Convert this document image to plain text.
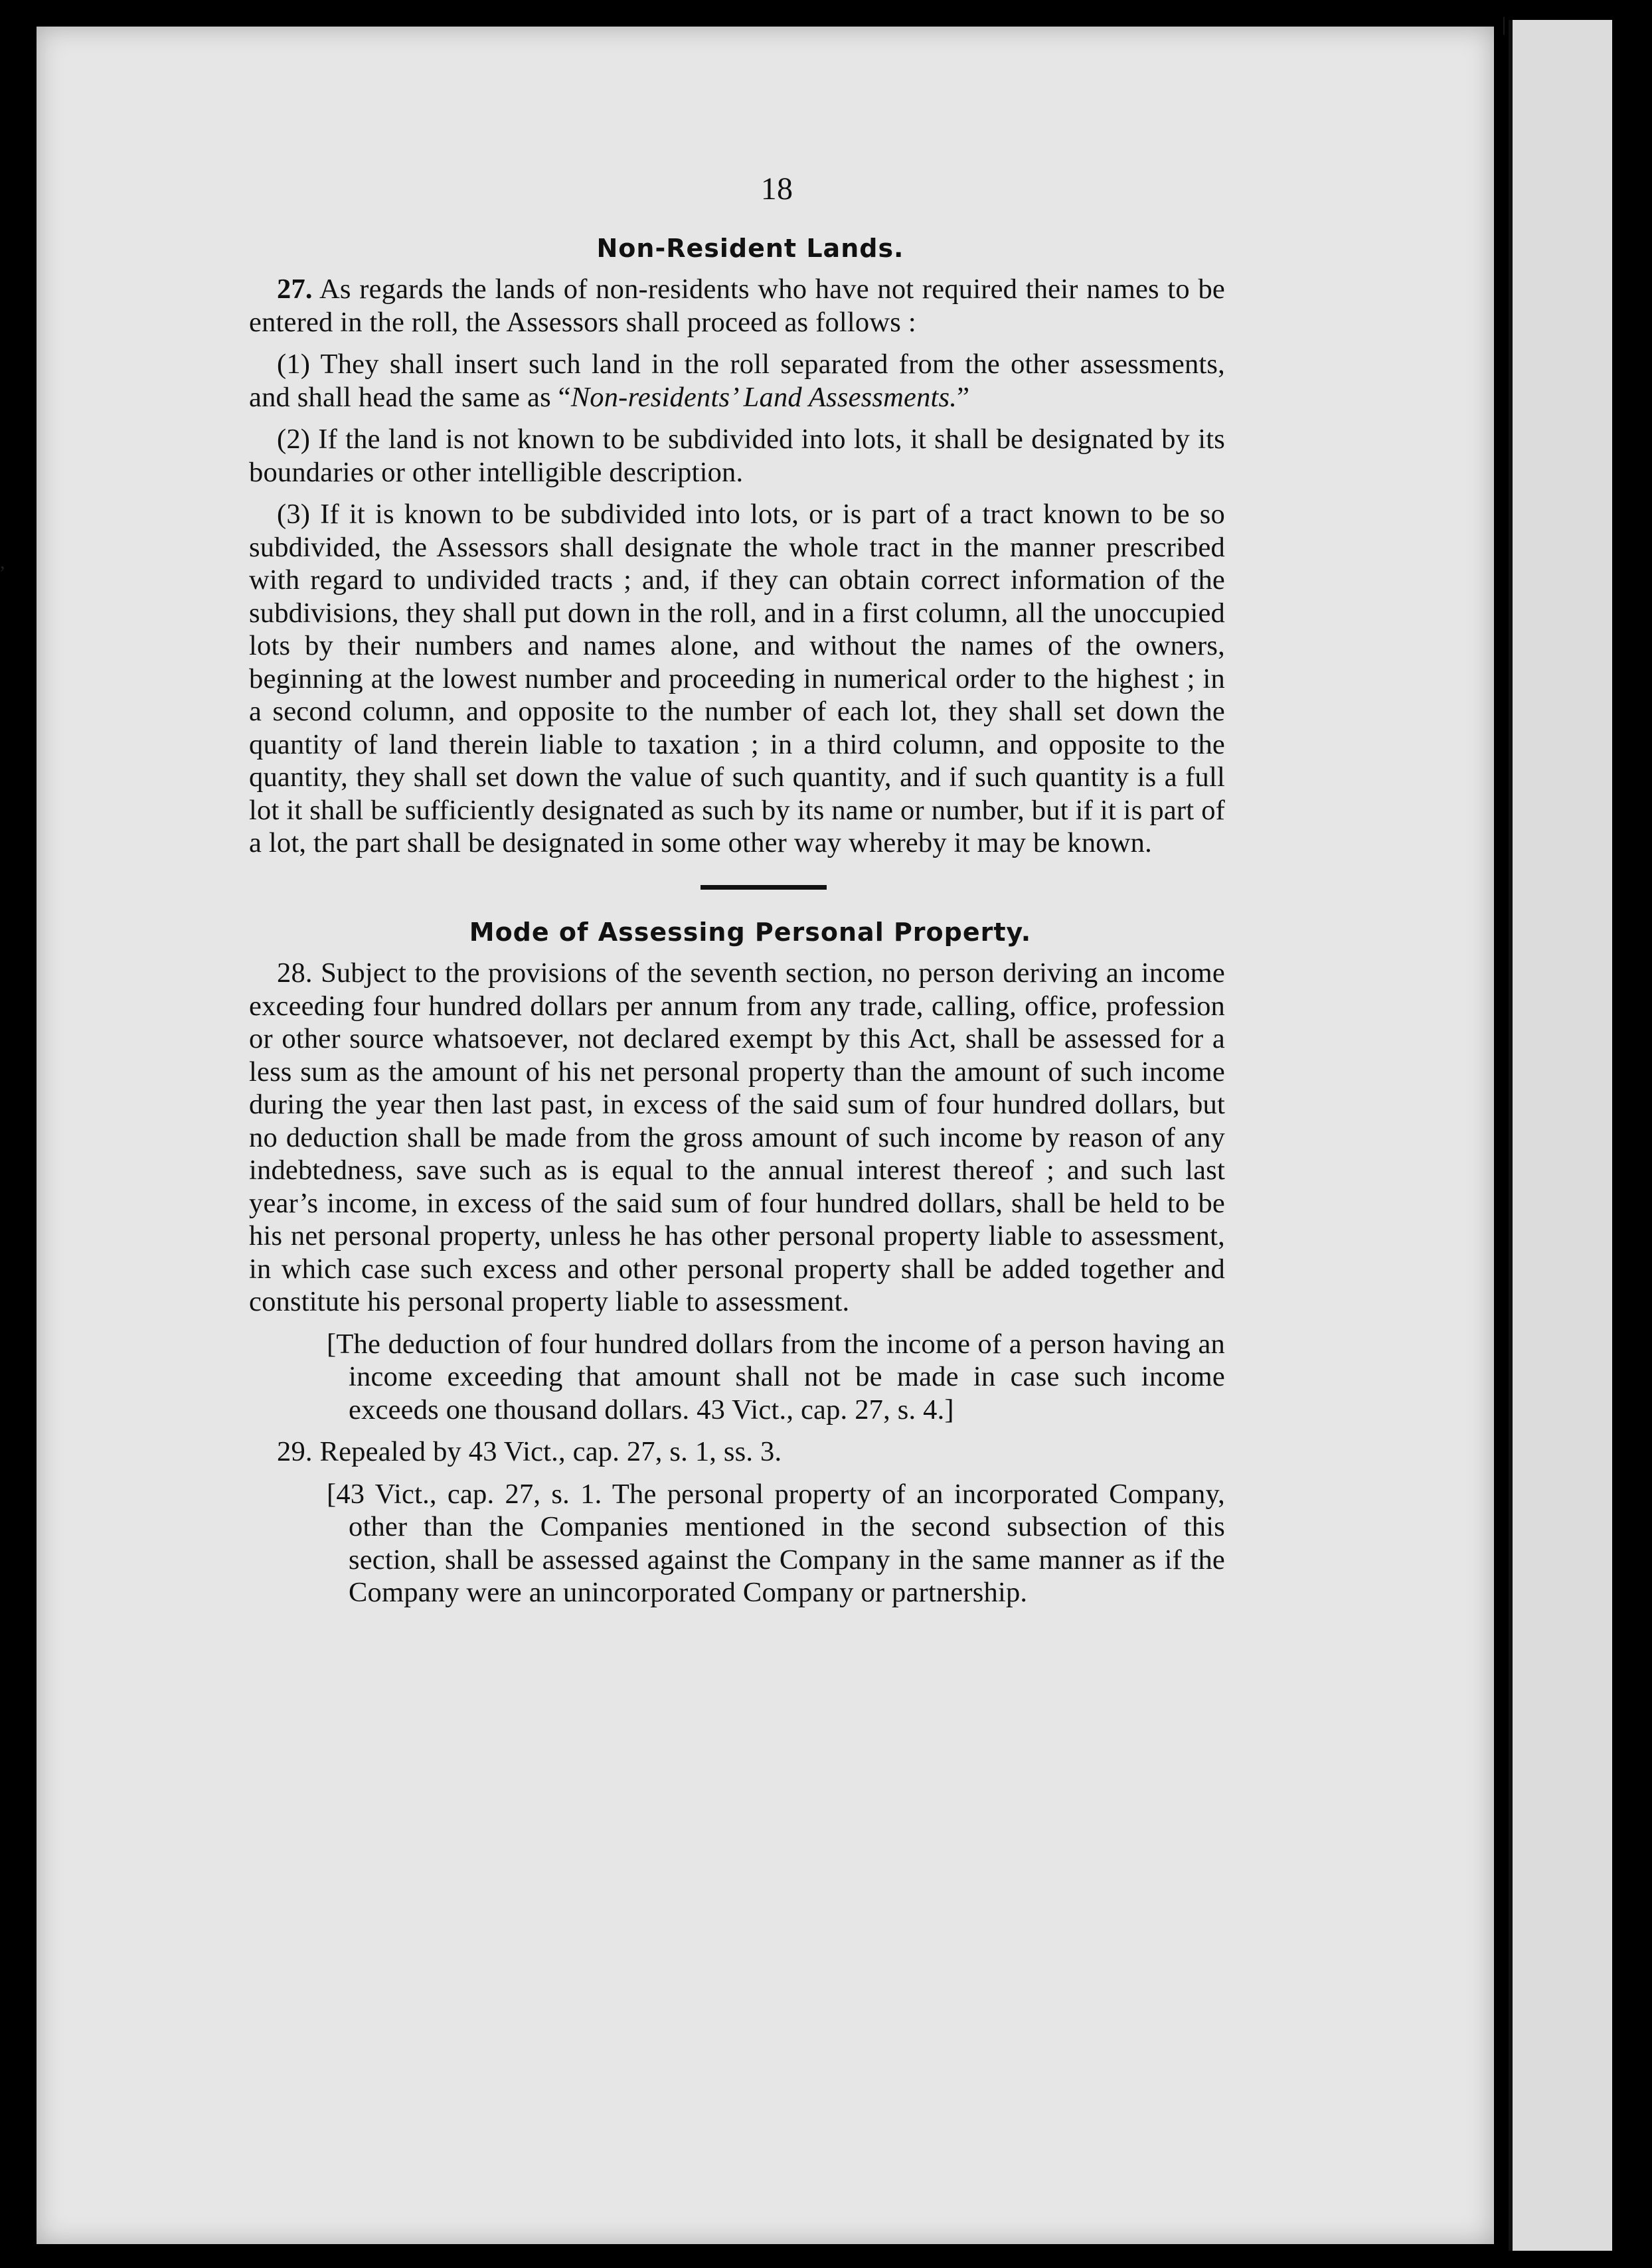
18
Non-Resident Lands.

27. As regards the lands of non-residents who have not required their names to be entered in the roll, the Assessors shall proceed as follows :

(1) They shall insert such land in the roll separated from the other assessments, and shall head the same as “Non-residents’ Land Assessments.”

(2) If the land is not known to be subdivided into lots, it shall be designated by its boundaries or other intelligible description.

(3) If it is known to be subdivided into lots, or is part of a tract known to be so subdivided, the Assessors shall designate the whole tract in the manner prescribed with regard to undivided tracts ; and, if they can obtain correct information of the subdivisions, they shall put down in the roll, and in a first column, all the unoccupied lots by their numbers and names alone, and without the names of the owners, beginning at the lowest number and proceeding in numerical order to the highest ; in a second column, and opposite to the number of each lot, they shall set down the quantity of land therein liable to taxation ; in a third column, and opposite to the quantity, they shall set down the value of such quantity, and if such quantity is a full lot it shall be sufficiently designated as such by its name or number, but if it is part of a lot, the part shall be designated in some other way whereby it may be known.

Mode of Assessing Personal Property.

28. Subject to the provisions of the seventh section, no person deriving an income exceeding four hundred dollars per annum from any trade, calling, office, profession or other source whatsoever, not declared exempt by this Act, shall be assessed for a less sum as the amount of his net personal property than the amount of such income during the year then last past, in excess of the said sum of four hundred dollars, but no deduction shall be made from the gross amount of such income by reason of any indebtedness, save such as is equal to the annual interest thereof ; and such last year’s income, in excess of the said sum of four hundred dollars, shall be held to be his net personal property, unless he has other personal property liable to assessment, in which case such excess and other personal property shall be added together and constitute his personal property liable to assessment.

[The deduction of four hundred dollars from the income of a person having an income exceeding that amount shall not be made in case such income exceeds one thousand dollars. 43 Vict., cap. 27, s. 4.]

29. Repealed by 43 Vict., cap. 27, s. 1, ss. 3.

[43 Vict., cap. 27, s. 1. The personal property of an incorporated Company, other than the Companies mentioned in the second subsection of this section, shall be assessed against the Company in the same manner as if the Company were an unincorporated Company or partnership.

|
,
